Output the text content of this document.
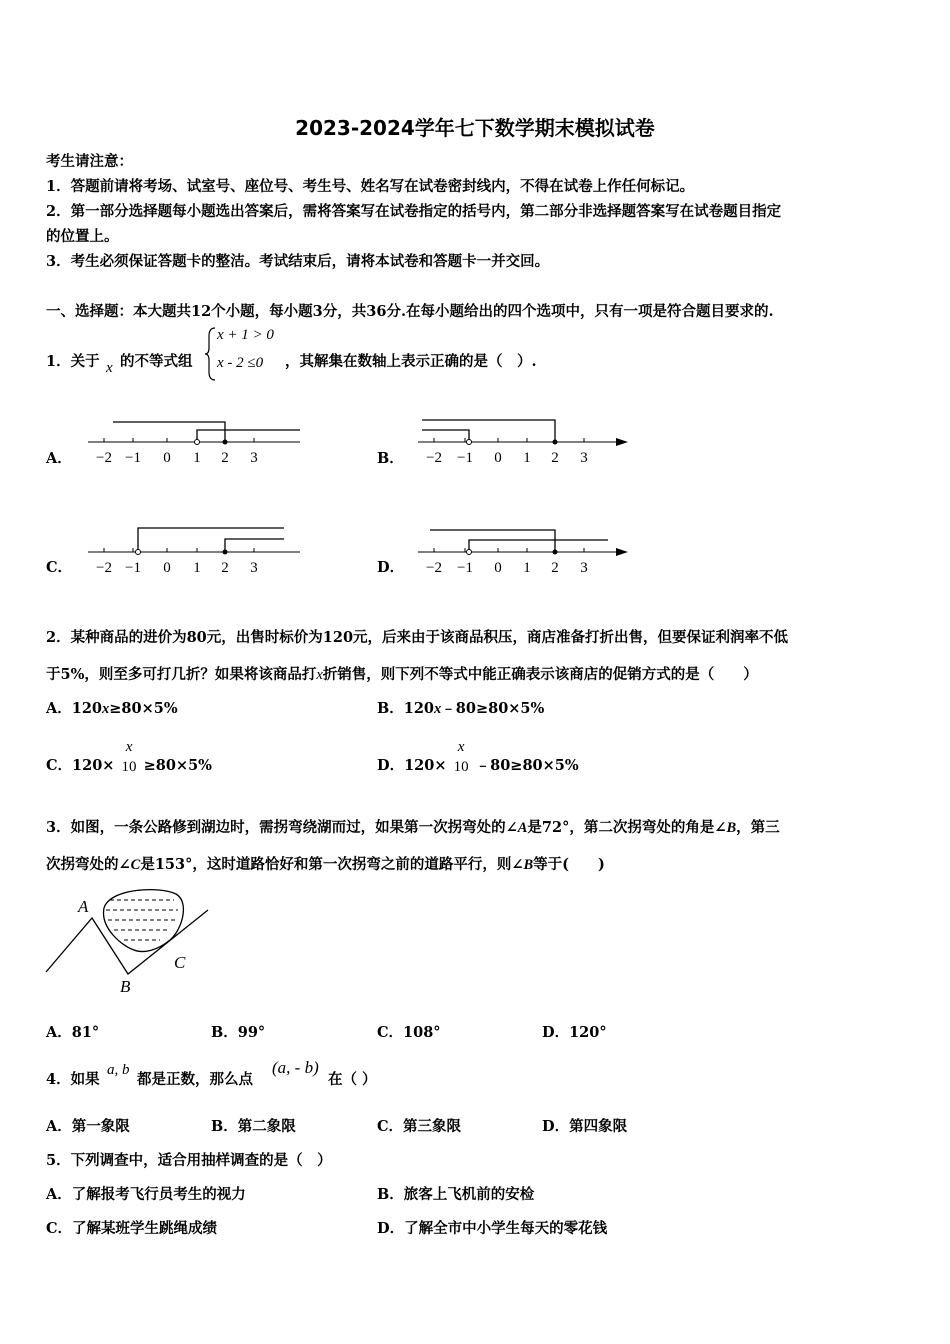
2023-2024学年七下数学期末模拟试卷
考生请注意：
1．答题前请将考场、试室号、座位号、考生号、姓名写在试卷密封线内，不得在试卷上作任何标记。
2．第一部分选择题每小题选出答案后，需将答案写在试卷指定的括号内，第二部分非选择题答案写在试卷题目指定
的位置上。
3．考生必须保证答题卡的整洁。考试结束后，请将本试卷和答题卡一并交回。
一、选择题：本大题共12个小题，每小题3分，共36分.在每小题给出的四个选项中，只有一项是符合题目要求的.
1．关于 x 的不等式组
x + 1 > 0
x - 2 ≤0 ，其解集在数轴上表示正确的是（　）.
A．	B．
C．	D．
−2 −1 0 1 2 3	−2 −1 0 1 2 3
−2 −1 0 1 2 3	−2 −1 0 1 2 3
2．某种商品的进价为80元，出售时标价为120元，后来由于该商品积压，商店准备打折出售，但要保证利润率不低
于5%，则至多可打几折？如果将该商品打x折销售，则下列不等式中能正确表示该商店的促销方式的是（　　）
A．120x≥80×5%	B．120x﹣80≥80×5%
C．120×
x
10 ≥80×5%	D．120×
x
10 ﹣80≥80×5%
3．如图，一条公路修到湖边时，需拐弯绕湖而过，如果第一次拐弯处的∠A是72°，第二次拐弯处的角是∠B，第三
次拐弯处的∠C是153°，这时道路恰好和第一次拐弯之前的道路平行，则∠B等于(　　)
A
B
C
A．81°	B．99°	C．108°	D．120°
4．如果
a, b
都是正数，那么点
(a, - b)
在（ ）
A．第一象限	B．第二象限	C．第三象限	D．第四象限
5．下列调查中，适合用抽样调查的是（　）
A．了解报考飞行员考生的视力	B．旅客上飞机前的安检
C．了解某班学生跳绳成绩	D．了解全市中小学生每天的零花钱
